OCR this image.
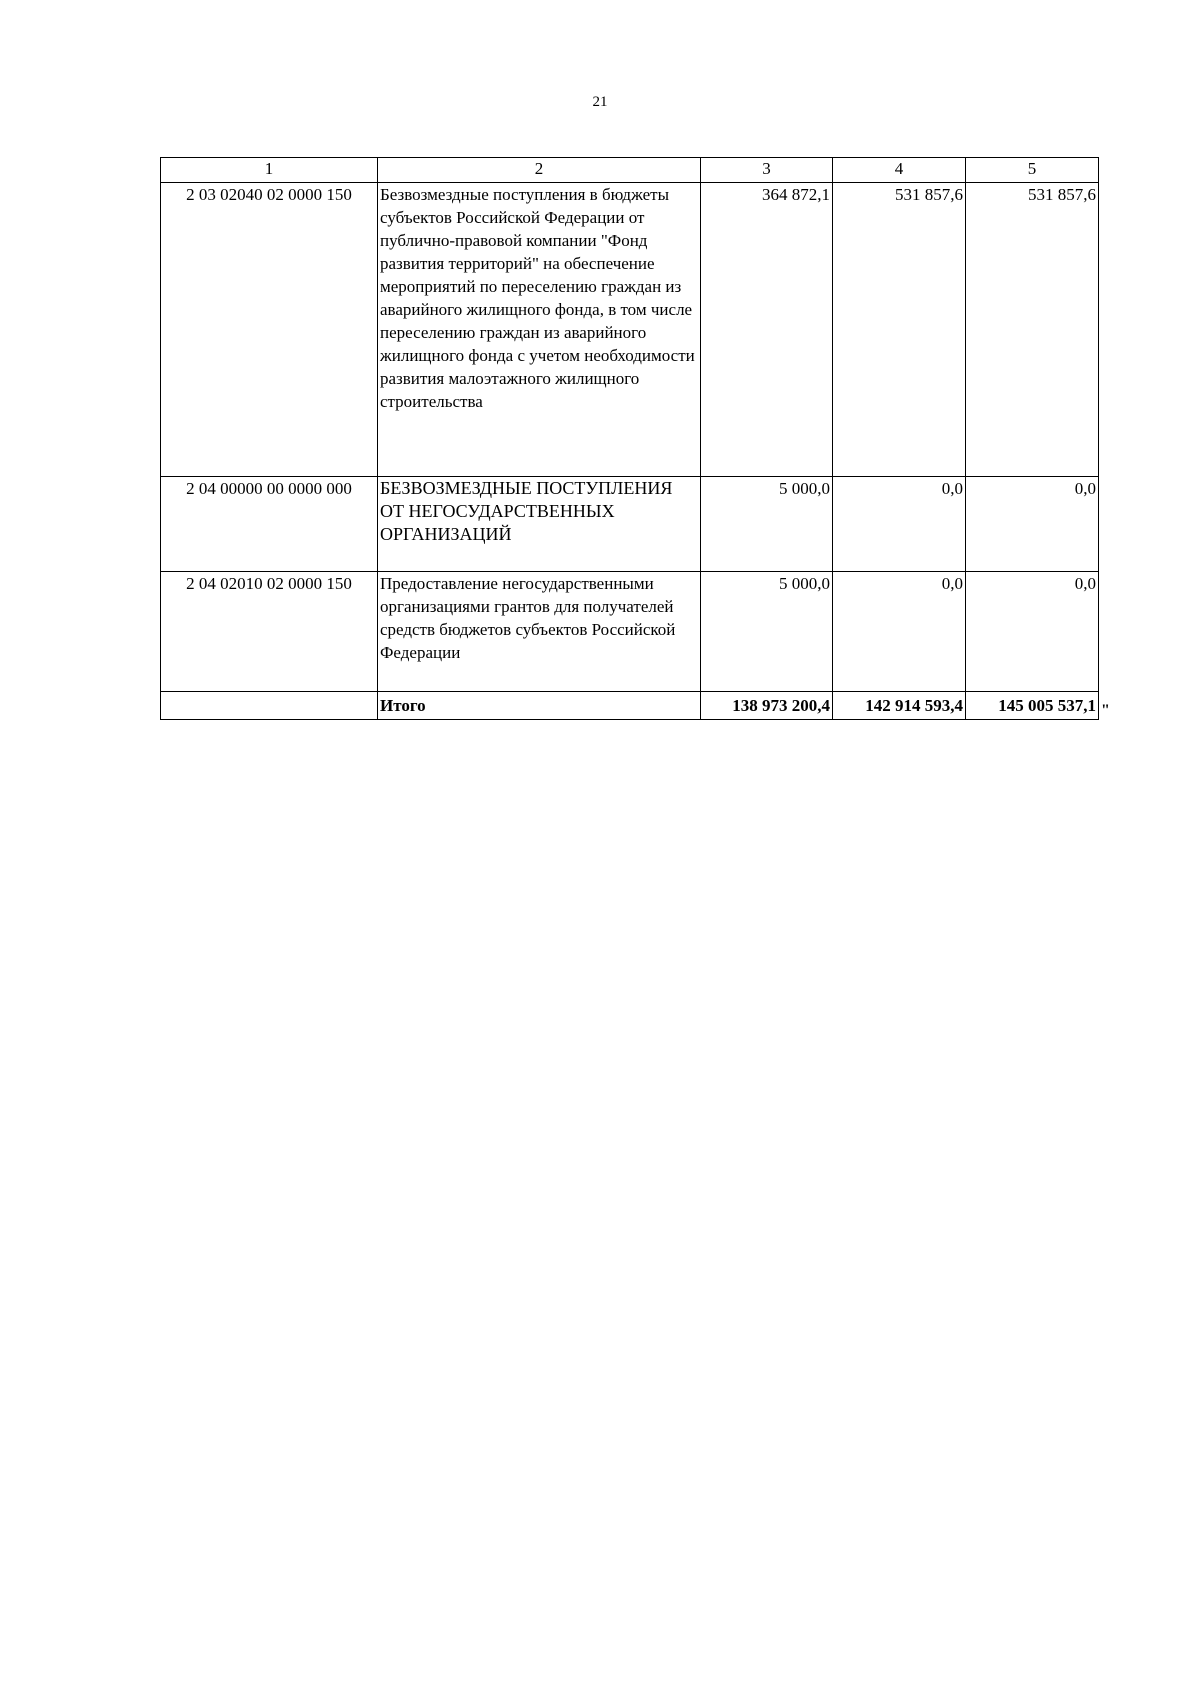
21
1	2	3	4	5
2 03 02040 02 0000 150	Безвозмездные поступления в бюджеты субъектов Российской Федерации от публично-правовой компании "Фонд развития территорий" на обеспечение мероприятий по переселению граждан из аварийного жилищного фонда, в том числе переселению граждан из аварийного жилищного фонда с учетом необходимости развития малоэтажного жилищного строительства	364 872,1	531 857,6	531 857,6
2 04 00000 00 0000 000	БЕЗВОЗМЕЗДНЫЕ ПОСТУПЛЕНИЯ ОТ НЕГОСУДАРСТВЕННЫХ ОРГАНИЗАЦИЙ	5 000,0	0,0	0,0
2 04 02010 02 0000 150	Предоставление негосударственными организациями грантов для получателей средств бюджетов субъектов Российской Федерации	5 000,0	0,0	0,0
	Итого	138 973 200,4	142 914 593,4	145 005 537,1 "
